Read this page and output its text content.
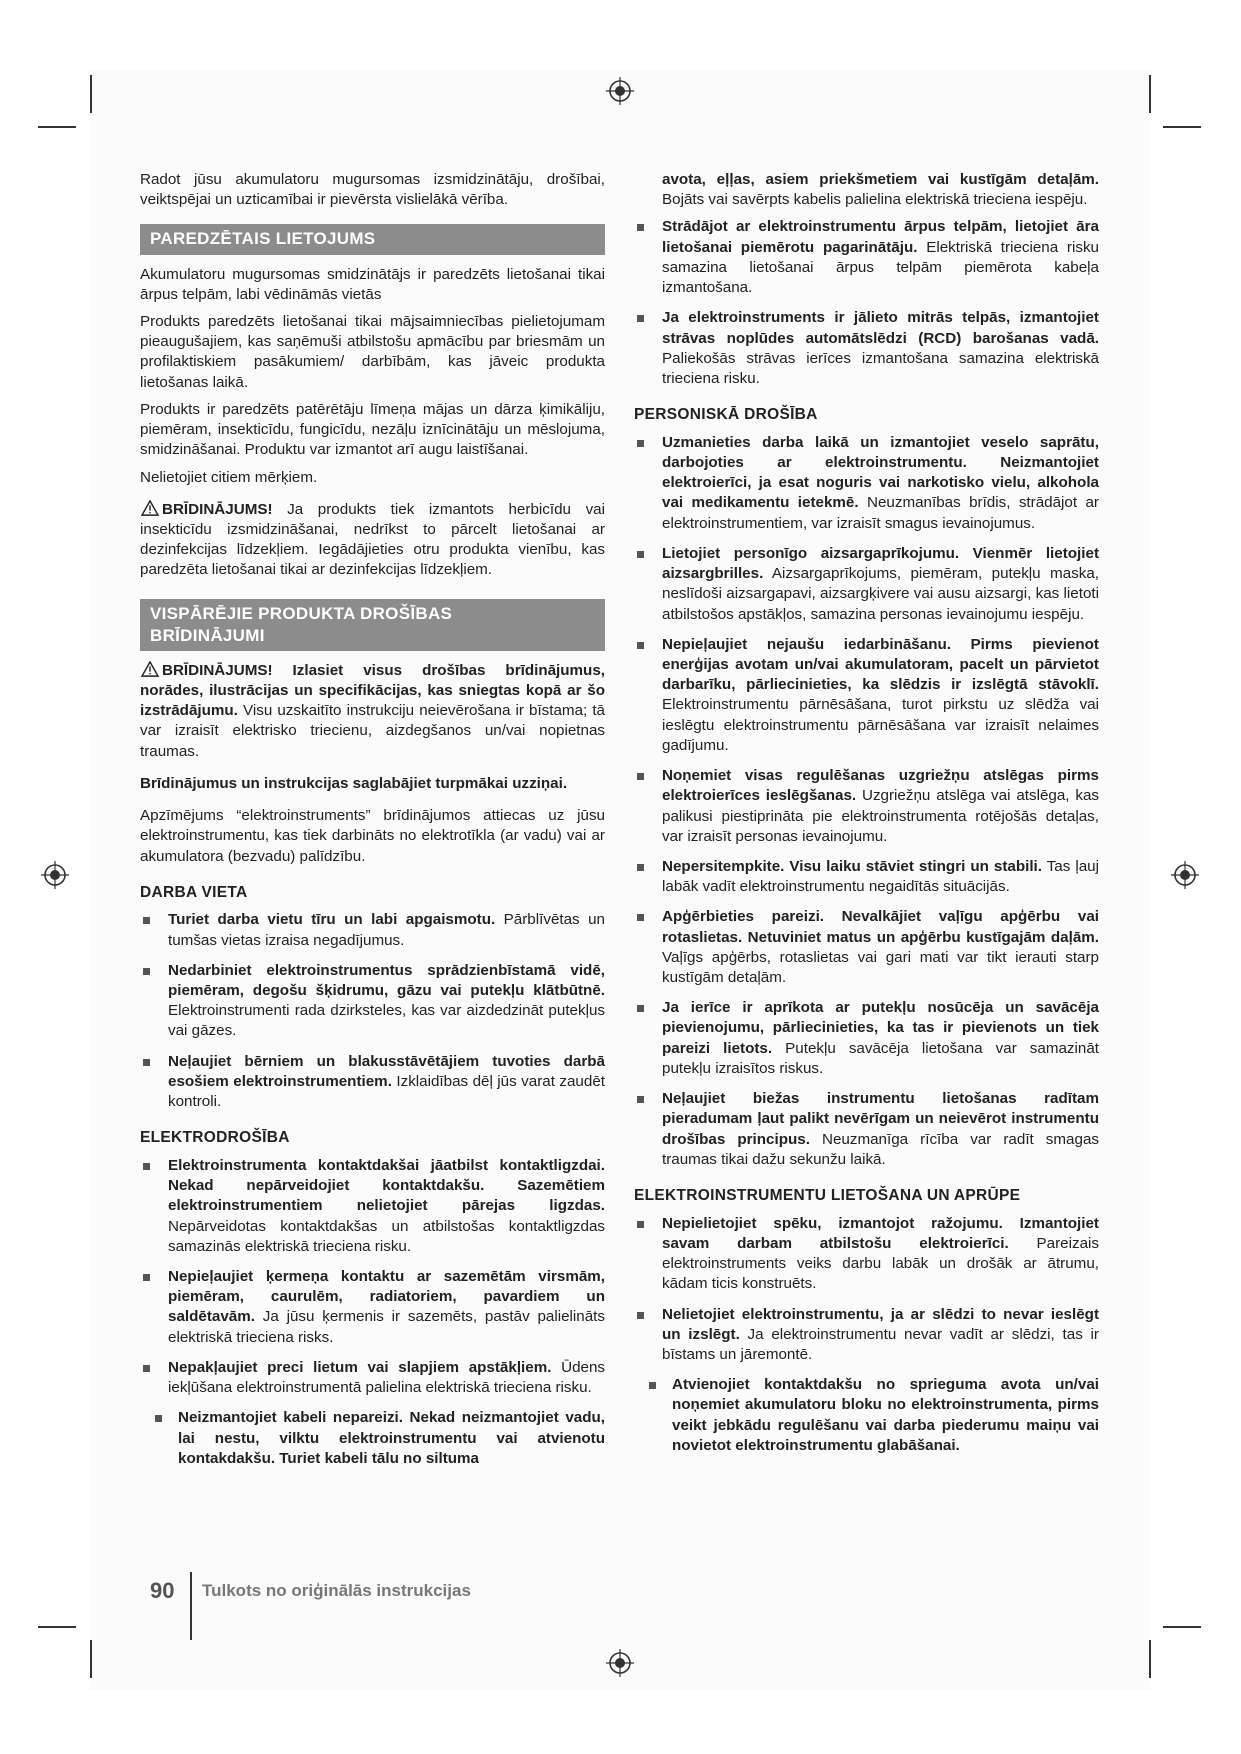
Radot jūsu akumulatoru mugursomas izsmidzinātāju, drošībai, veiktspējai un uzticamībai ir pievērsta vislielākā vērība.

PAREDZĒTAIS LIETOJUMS

Akumulatoru mugursomas smidzinātājs ir paredzēts lietošanai tikai ārpus telpām, labi vēdināmās vietās

Produkts paredzēts lietošanai tikai mājsaimniecības pielietojumam pieaugušajiem, kas saņēmuši atbilstošu apmācību par briesmām un profilaktiskiem pasākumiem/ darbībām, kas jāveic produkta lietošanas laikā.

Produkts ir paredzēts patērētāju līmeņa mājas un dārza ķimikāliju, piemēram, insekticīdu, fungicīdu, nezāļu iznīcinātāju un mēslojuma, smidzināšanai. Produktu var izmantot arī augu laistīšanai.

Nelietojiet citiem mērķiem.

BRĪDINĀJUMS! Ja produkts tiek izmantots herbicīdu vai insekticīdu izsmidzināšanai, nedrīkst to pārcelt lietošanai ar dezinfekcijas līdzekļiem. Iegādājieties otru produkta vienību, kas paredzēta lietošanai tikai ar dezinfekcijas līdzekļiem.

VISPĀRĒJIE PRODUKTA DROŠĪBAS
BRĪDINĀJUMI

BRĪDINĀJUMS! Izlasiet visus drošības brīdinājumus, norādes, ilustrācijas un specifikācijas, kas sniegtas kopā ar šo izstrādājumu. Visu uzskaitīto instrukciju neievērošana ir bīstama; tā var izraisīt elektrisko triecienu, aizdegšanos un/vai nopietnas traumas.

Brīdinājumus un instrukcijas saglabājiet turpmākai uzziņai.

Apzīmējums “elektroinstruments” brīdinājumos attiecas uz jūsu elektroinstrumentu, kas tiek darbināts no elektrotīkla (ar vadu) vai ar akumulatora (bezvadu) palīdzību.

DARBA VIETA
Turiet darba vietu tīru un labi apgaismotu. Pārblīvētas un tumšas vietas izraisa negadījumus.
Nedarbiniet elektroinstrumentus sprādzienbīstamā vidē, piemēram, degošu šķidrumu, gāzu vai putekļu klātbūtnē. Elektroinstrumenti rada dzirksteles, kas var aizdedzināt putekļus vai gāzes.
Neļaujiet bērniem un blakusstāvētājiem tuvoties darbā esošiem elektroinstrumentiem. Izklaidības dēļ jūs varat zaudēt kontroli.
ELEKTRODROŠĪBA
Elektroinstrumenta kontaktdakšai jāatbilst kontaktligzdai. Nekad nepārveidojiet kontaktdakšu. Sazemētiem elektroinstrumentiem nelietojiet pārejas ligzdas. Nepārveidotas kontaktdakšas un atbilstošas kontaktligzdas samazinās elektriskā trieciena risku.
Nepieļaujiet ķermeņa kontaktu ar sazemētām virsmām, piemēram, caurulēm, radiatoriem, pavardiem un saldētavām. Ja jūsu ķermenis ir sazemēts, pastāv palielināts elektriskā trieciena risks.
Nepakļaujiet preci lietum vai slapjiem apstākļiem. Ūdens iekļūšana elektroinstrumentā palielina elektriskā trieciena risku.
Neizmantojiet kabeli nepareizi. Nekad neizmantojiet vadu, lai nestu, vilktu elektroinstrumentu vai atvienotu kontakdakšu. Turiet kabeli tālu no siltuma

avota, eļļas, asiem priekšmetiem vai kustīgām detaļām. Bojāts vai savērpts kabelis palielina elektriskā trieciena iespēju.

Strādājot ar elektroinstrumentu ārpus telpām, lietojiet āra lietošanai piemērotu pagarinātāju. Elektriskā trieciena risku samazina lietošanai ārpus telpām piemērota kabeļa izmantošana.
Ja elektroinstruments ir jālieto mitrās telpās, izmantojiet strāvas noplūdes automātslēdzi (RCD) barošanas vadā. Paliekošās strāvas ierīces izmantošana samazina elektriskā trieciena risku.
PERSONISKĀ DROŠĪBA
Uzmanieties darba laikā un izmantojiet veselo saprātu, darbojoties ar elektroinstrumentu. Neizmantojiet elektroierīci, ja esat noguris vai narkotisko vielu, alkohola vai medikamentu ietekmē. Neuzmanības brīdis, strādājot ar elektroinstrumentiem, var izraisīt smagus ievainojumus.
Lietojiet personīgo aizsargaprīkojumu. Vienmēr lietojiet aizsargbrilles. Aizsargaprīkojums, piemēram, putekļu maska, neslīdoši aizsargapavi, aizsargķivere vai ausu aizsargi, kas lietoti atbilstošos apstākļos, samazina personas ievainojumu iespēju.
Nepieļaujiet nejaušu iedarbināšanu. Pirms pievienot enerģijas avotam un/vai akumulatoram, pacelt un pārvietot darbarīku, pārliecinieties, ka slēdzis ir izslēgtā stāvoklī. Elektroinstrumentu pārnēsāšana, turot pirkstu uz slēdža vai ieslēgtu elektroinstrumentu pārnēsāšana var izraisīt nelaimes gadījumu.
Noņemiet visas regulēšanas uzgriežņu atslēgas pirms elektroierīces ieslēgšanas. Uzgriežņu atslēga vai atslēga, kas palikusi piestiprināta pie elektroinstrumenta rotējošās detaļas, var izraisīt personas ievainojumu.
Nepersitempkite. Visu laiku stāviet stingri un stabili. Tas ļauj labāk vadīt elektroinstrumentu negaidītās situācijās.
Apģērbieties pareizi. Nevalkājiet vaļīgu apģērbu vai rotaslietas. Netuviniet matus un apģērbu kustīgajām daļām. Vaļīgs apģērbs, rotaslietas vai gari mati var tikt ierauti starp kustīgām detaļām.
Ja ierīce ir aprīkota ar putekļu nosūcēja un savācēja pievienojumu, pārliecinieties, ka tas ir pievienots un tiek pareizi lietots. Putekļu savācēja lietošana var samazināt putekļu izraisītos riskus.
Neļaujiet biežas instrumentu lietošanas radītam pieradumam ļaut palikt nevērīgam un neievērot instrumentu drošības principus. Neuzmanīga rīcība var radīt smagas traumas tikai dažu sekunžu laikā.
ELEKTROINSTRUMENTU LIETOŠANA UN APRŪPE
Nepielietojiet spēku, izmantojot ražojumu. Izmantojiet savam darbam atbilstošu elektroierīci. Pareizais elektroinstruments veiks darbu labāk un drošāk ar ātrumu, kādam ticis konstruēts.
Nelietojiet elektroinstrumentu, ja ar slēdzi to nevar ieslēgt un izslēgt. Ja elektroinstrumentu nevar vadīt ar slēdzi, tas ir bīstams un jāremontē.
Atvienojiet kontaktdakšu no sprieguma avota un/vai noņemiet akumulatoru bloku no elektroinstrumenta, pirms veikt jebkādu regulēšanu vai darba piederumu maiņu vai novietot elektroinstrumentu glabāšanai.
90 Tulkots no oriģinālās instrukcijas
